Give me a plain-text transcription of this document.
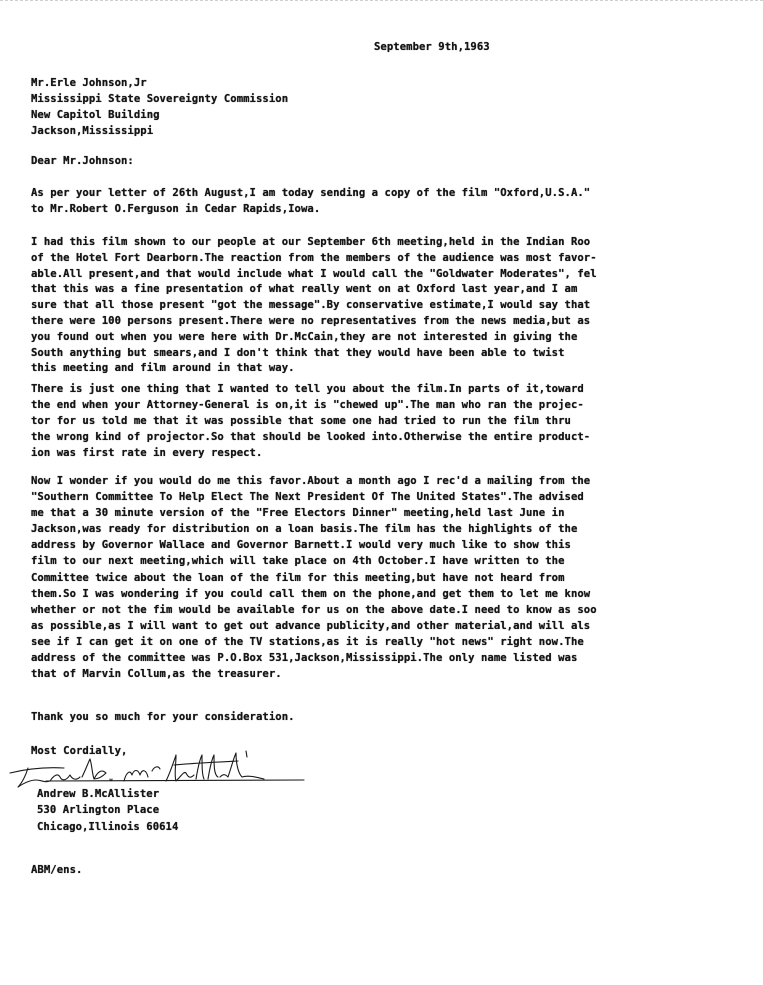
September 9th,1963
Mr.Erle Johnson,Jr
Mississippi State Sovereignty Commission
New Capitol Building
Jackson,Mississippi
Dear Mr.Johnson:
As per your letter of 26th August,I am today sending a copy of the film "Oxford,U.S.A."
to Mr.Robert O.Ferguson in Cedar Rapids,Iowa.
I had this film shown to our people at our September 6th meeting,held in the Indian Roo
of the Hotel Fort Dearborn.The reaction from the members of the audience was most favor-
able.All present,and that would include what I would call the "Goldwater Moderates", fel
that this was a fine presentation of what really went on at Oxford last year,and I am
sure that all those present "got the message".By conservative estimate,I would say that
there were 100 persons present.There were no representatives from the news media,but as
you found out when you were here with Dr.McCain,they are not interested in giving the
South anything but smears,and I don't think that they would have been able to twist
this meeting and film around in that way.
There is just one thing that I wanted to tell you about the film.In parts of it,toward
the end when your Attorney-General is on,it is "chewed up".The man who ran the projec-
tor for us told me that it was possible that some one had tried to run the film thru
the wrong kind of projector.So that should be looked into.Otherwise the entire product-
ion was first rate in every respect.
Now I wonder if you would do me this favor.About a month ago I rec'd a mailing from the
"Southern Committee To Help Elect The Next President Of The United States".The advised
me that a 30 minute version of the "Free Electors Dinner" meeting,held last June in
Jackson,was ready for distribution on a loan basis.The film has the highlights of the
address by Governor Wallace and Governor Barnett.I would very much like to show this
film to our next meeting,which will take place on 4th October.I have written to the
Committee twice about the loan of the film for this meeting,but have not heard from
them.So I was wondering if you could call them on the phone,and get them to let me know
whether or not the fim would be available for us on the above date.I need to know as soo
as possible,as I will want to get out advance publicity,and other material,and will als
see if I can get it on one of the TV stations,as it is really "hot news" right now.The
address of the committee was P.O.Box 531,Jackson,Mississippi.The only name listed was
that of Marvin Collum,as the treasurer.
Thank you so much for your consideration.
Most Cordially,
Andrew B.McAllister
530 Arlington Place
Chicago,Illinois 60614
ABM/ens.
